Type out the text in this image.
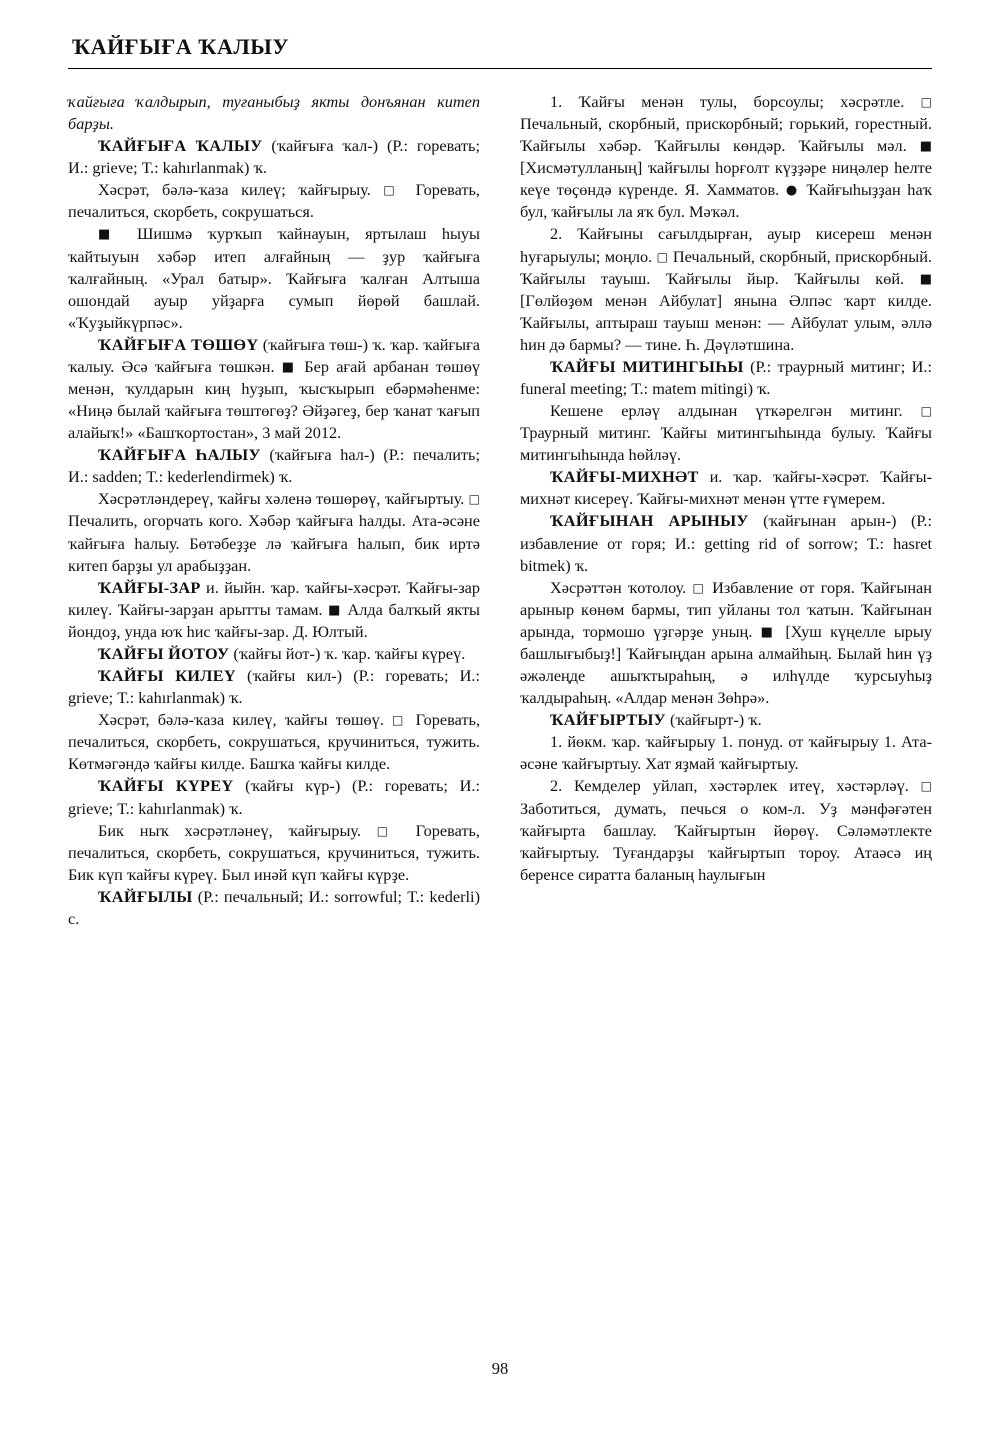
ҠАЙҒЫҒА ҠАЛЫУ

ҡайғыға ҡалдырып, туғаныбыҙ якты донъянан китеп барҙы.

ҠАЙҒЫҒА ҠАЛЫУ (ҡайғыға ҡал-) (Р.: горевать; И.: grieve; Т.: kahırlanmak) ҡ.

Хәсрәт, бәлә-ҡаза килеү; ҡайғырыу. □ Горевать, печалиться, скорбеть, сокрушаться.

■ Шишмә ҡурҡып ҡайнауын, яртылаш һыуы ҡайтыуын хәбәр итеп алғайның — ҙур ҡайғыға ҡалғайның. «Урал батыр». Ҡайғыға ҡалған Алтыша ошондай ауыр уйҙарға сумып йөрөй башлай. «Ҡуҙыйкүрпәс».

ҠАЙҒЫҒА ТӨШӨҮ (ҡайғыға төш-) ҡ. ҡар. ҡайғыға ҡалыу. Әсә ҡайғыға төшкән. ■ Бер ағай арбанан төшөү менән, ҡулдарын киң һуҙып, ҡысҡырып ебәрмәһенме: «Ниңә былай ҡайғыға төштөгөҙ? Әйҙәгеҙ, бер ҡанат ҡағып алайыҡ!» «Башҡортостан», 3 май 2012.

ҠАЙҒЫҒА ҺАЛЫУ (ҡайғыға һал-) (Р.: печалить; И.: sadden; Т.: kederlendirmek) ҡ.

Хәсрәтләндереү, ҡайғы хәленә төшөрөү, ҡайғыртыу. □ Печалить, огорчать кого. Хәбәр ҡайғыға һалды. Ата-әсәне ҡайғыға һалыу. Бөтәбеҙҙе лә ҡайғыға һалып, бик иртә китеп барҙы ул арабыҙҙан.

ҠАЙҒЫ-ЗАР и. йыйн. ҡар. ҡайғы-хәсрәт. Ҡайғы-зар килеү. Ҡайғы-зарҙан арытты тамам. ■ Алда балҡый якты йондоҙ, унда юҡ һис ҡайғы-зар. Д. Юлтый.

ҠАЙҒЫ ЙОТОУ (ҡайғы йот-) ҡ. ҡар. ҡайғы күреү.

ҠАЙҒЫ КИЛЕҮ (ҡайғы кил-) (Р.: горевать; И.: grieve; Т.: kahırlanmak) ҡ.

Хәсрәт, бәлә-ҡаза килеү, ҡайғы төшөү. □ Горевать, печалиться, скорбеть, сокрушаться, кручиниться, тужить. Көтмәгәндә ҡайғы килде. Башҡа ҡайғы килде.

ҠАЙҒЫ КҮРЕҮ (ҡайғы күр-) (Р.: горевать; И.: grieve; Т.: kahırlanmak) ҡ.

Бик ныҡ хәсрәтләнеү, ҡайғырыу. □ Горевать, печалиться, скорбеть, сокрушаться, кручиниться, тужить. Бик күп ҡайғы күреү. Был инәй күп ҡайғы күрҙе.

ҠАЙҒЫЛЫ (Р.: печальный; И.: sorrowful; Т.: kederli) с.

1. Ҡайғы менән тулы, борсоулы; хәсрәтле. □ Печальный, скорбный, прискорбный; горький, горестный. Ҡайғылы хәбәр. Ҡайғылы көндәр. Ҡайғылы мәл. ■ [Хисмәтулланың] ҡайғылы һорғолт күҙҙәре ниңәлер һелте кеүе төҫөндә күренде. Я. Хамматов. ● Ҡайғыһыҙҙан һаҡ бул, ҡайғылы ла яҡ бул. Мәҡәл.

2. Ҡайғыны сағылдырған, ауыр кисереш менән һуғарыулы; моңло. □ Печальный, скорбный, прискорбный. Ҡайғылы тауыш. Ҡайғылы йыр. Ҡайғылы көй. ■ [Гөлйөҙөм менән Айбулат] янына Әлпәс ҡарт килде. Ҡайғылы, аптыраш тауыш менән: — Айбулат улым, әллә һин дә бармы? — тине. Һ. Дәүләтшина.

ҠАЙҒЫ МИТИНГЫҺЫ (Р.: траурный митинг; И.: funeral meeting; Т.: matem mitingi) ҡ.

Кешене ерләү алдынан үткәрелгән митинг. □ Траурный митинг. Ҡайғы митингыһында булыу. Ҡайғы митингыһында һөйләү.

ҠАЙҒЫ-МИХНӘТ и. ҡар. ҡайғы-хәсрәт. Ҡайғы-михнәт кисереү. Ҡайғы-михнәт менән үтте ғүмерем.

ҠАЙҒЫНАН АРЫНЫУ (ҡайғынан арын-) (Р.: избавление от горя; И.: getting rid of sorrow; Т.: hasret bitmek) ҡ.

Хәсрәттән ҡотолоу. □ Избавление от горя. Ҡайғынан арыныр көнөм бармы, тип уйланы тол ҡатын. Ҡайғынан арында, тормошо үҙгәрҙе уның. ■ [Хуш күңелле ырыу башлығыбыҙ!] Ҡайғыңдан арына алмайһың. Былай һин үҙ әжәлеңде ашыҡтыраһың, ә илһүлде ҡурсыуһыҙ ҡалдыраһың. «Алдар менән Зөһрә».

ҠАЙҒЫРТЫУ (ҡайғырт-) ҡ.

1. йөкм. ҡар. ҡайғырыу 1. понуд. от ҡайғырыу 1. Ата-әсәне ҡайғыртыу. Хат яҙмай ҡайғыртыу.

2. Кемделер уйлап, хәстәрлек итеү, хәстәрләү. □ Заботиться, думать, печься о ком-л. Уҙ мәнфәғәтен ҡайғырта башлау. Ҡайғыртын йөрөү. Сәләмәтлекте ҡайғыртыу. Туғандарҙы ҡайғыртып тороу. Атаәсә иң беренсе сиратта баланың һаулығын

98
